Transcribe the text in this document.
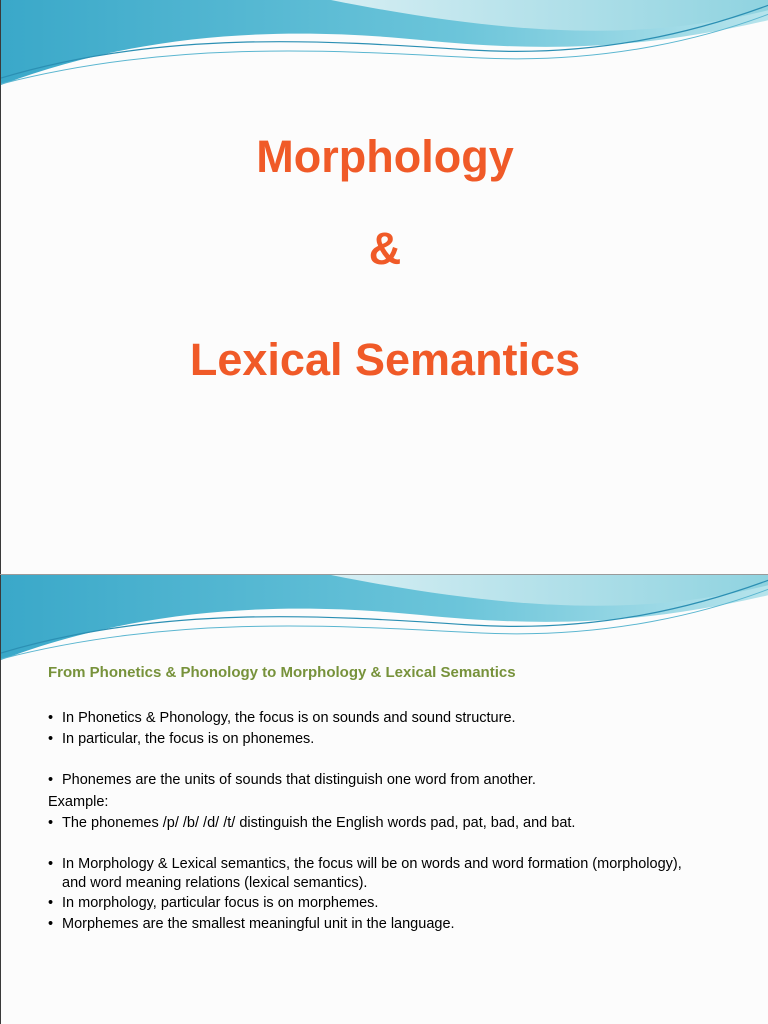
Morphology
&
Lexical Semantics
From Phonetics & Phonology to Morphology & Lexical Semantics
• In Phonetics & Phonology, the focus is on sounds and sound structure.
• In particular, the focus is on phonemes.
• Phonemes are the units of sounds that distinguish one word from another.
Example:
• The phonemes /p/ /b/ /d/ /t/ distinguish the English words pad, pat, bad, and bat.
• In Morphology & Lexical semantics, the focus will be on words and word formation (morphology),
and word meaning relations (lexical semantics).
• In morphology, particular focus is on morphemes.
• Morphemes are the smallest meaningful unit in the language.
